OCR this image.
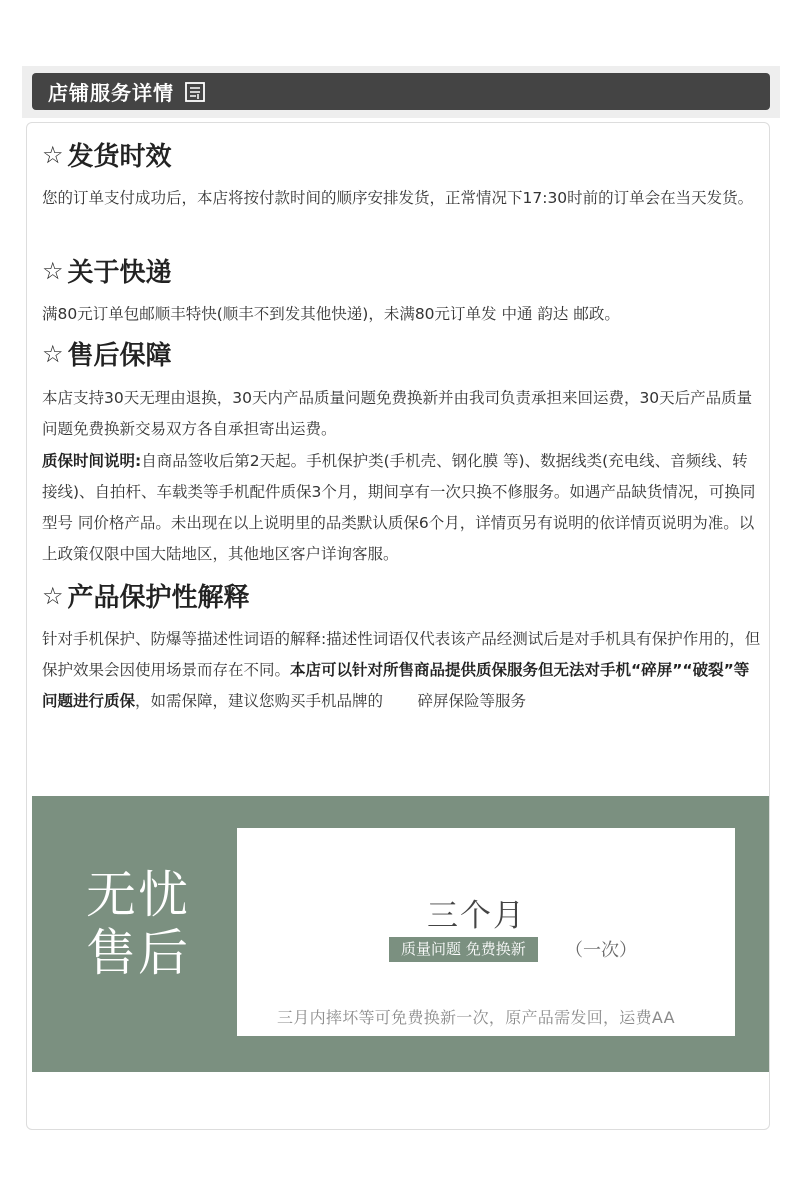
店铺服务详情
☆ 发货时效
您的订单支付成功后，本店将按付款时间的顺序安排发货，正常情况下17:30时前的订单会在当天发货。
☆ 关于快递
满80元订单包邮顺丰特快(顺丰不到发其他快递)，未满80元订单发 中通 韵达 邮政。
☆ 售后保障
本店支持30天无理由退换，30天内产品质量问题免费换新并由我司负责承担来回运费，30天后产品质量问题免费换新交易双方各自承担寄出运费。
质保时间说明:自商品签收后第2天起。手机保护类(手机壳、钢化膜 等)、数据线类(充电线、音频线、转接线)、自拍杆、车载类等手机配件质保3个月，期间享有一次只换不修服务。如遇产品缺货情况，可换同型号 同价格产品。未出现在以上说明里的品类默认质保6个月，详情页另有说明的依详情页说明为准。以上政策仅限中国大陆地区，其他地区客户详询客服。
☆ 产品保护性解释
针对手机保护、防爆等描述性词语的解释:描述性词语仅代表该产品经测试后是对手机具有保护作用的，但保护效果会因使用场景而存在不同。本店可以针对所售商品提供质保服务但无法对手机“碎屏”“破裂”等问题进行质保，如需保障，建议您购买手机品牌的 碎屏保险等服务
无忧
售后
三个月
质量问题 免费换新	（一次）
三月内摔坏等可免费换新一次，原产品需发回，运费AA
